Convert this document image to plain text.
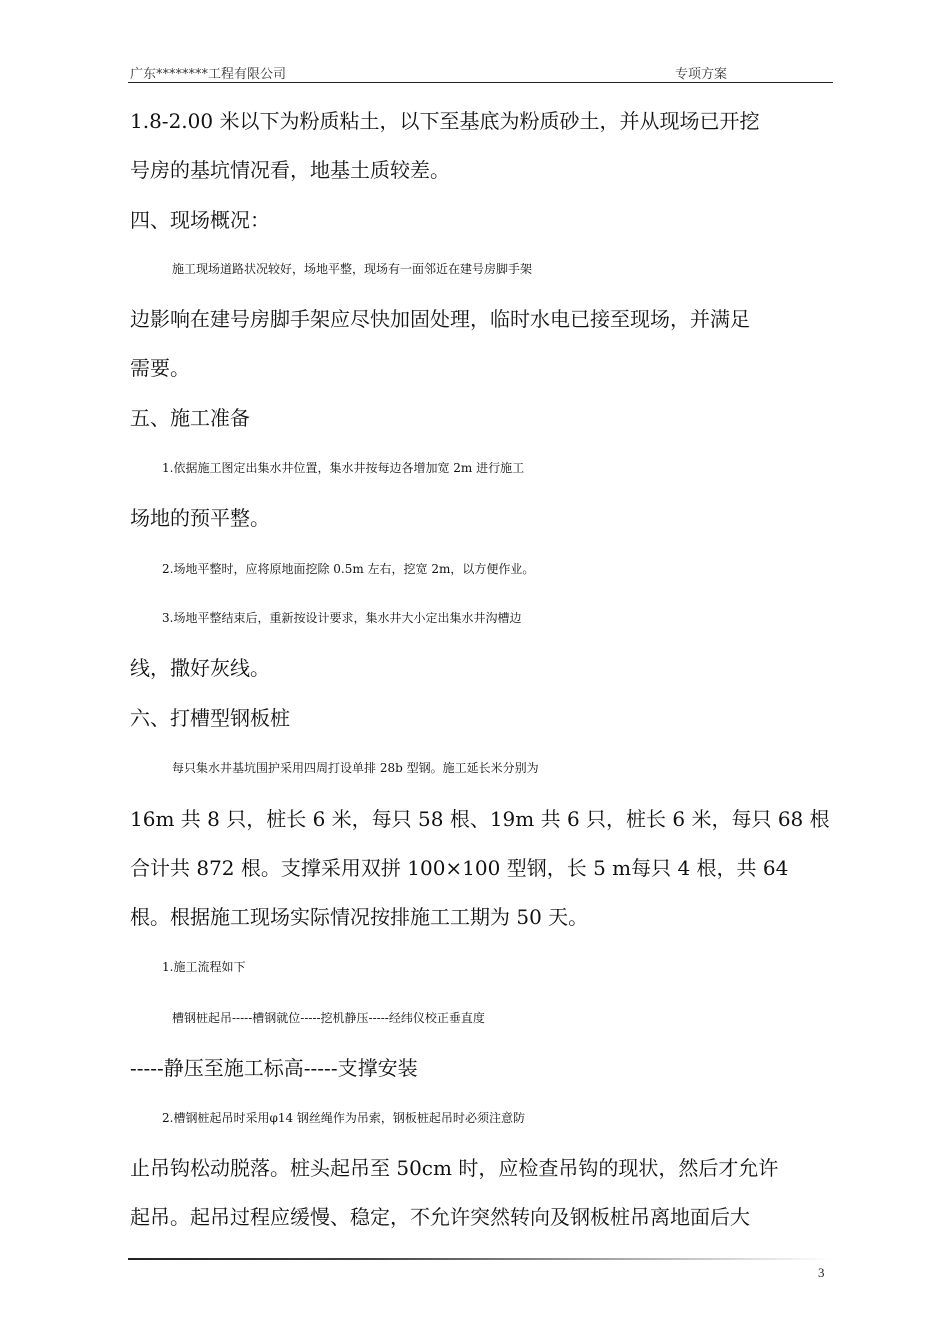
广东********工程有限公司	专项方案
1.8-2.00 米以下为粉质粘土，以下至基底为粉质砂土，并从现场已开挖
号房的基坑情况看，地基土质较差。
四、现场概况：
施工现场道路状况较好，场地平整，现场有一面邻近在建号房脚手架
边影响在建号房脚手架应尽快加固处理，临时水电已接至现场，并满足
需要。
五、施工准备
1.依据施工图定出集水井位置，集水井按每边各增加宽 2m 进行施工
场地的预平整。
2.场地平整时，应将原地面挖除 0.5m 左右，挖宽 2m，以方便作业。
3.场地平整结束后，重新按设计要求，集水井大小定出集水井沟槽边
线，撒好灰线。
六、打槽型钢板桩
每只集水井基坑围护采用四周打设单排 28b 型钢。施工延长米分别为
16m 共 8 只，桩长 6 米，每只 58 根、19m 共 6 只，桩长 6 米，每只 68 根
合计共 872 根。支撑采用双拼 100×100 型钢，长 5 m每只 4 根，共 64
根。根据施工现场实际情况按排施工工期为 50 天。
1.施工流程如下
槽钢桩起吊-----槽钢就位-----挖机静压-----经纬仪校正垂直度
-----静压至施工标高-----支撑安装
2.槽钢桩起吊时采用φ14 钢丝绳作为吊索，钢板桩起吊时必须注意防
止吊钩松动脱落。桩头起吊至 50cm 时，应检查吊钩的现状，然后才允许
起吊。起吊过程应缓慢、稳定，不允许突然转向及钢板桩吊离地面后大
3
